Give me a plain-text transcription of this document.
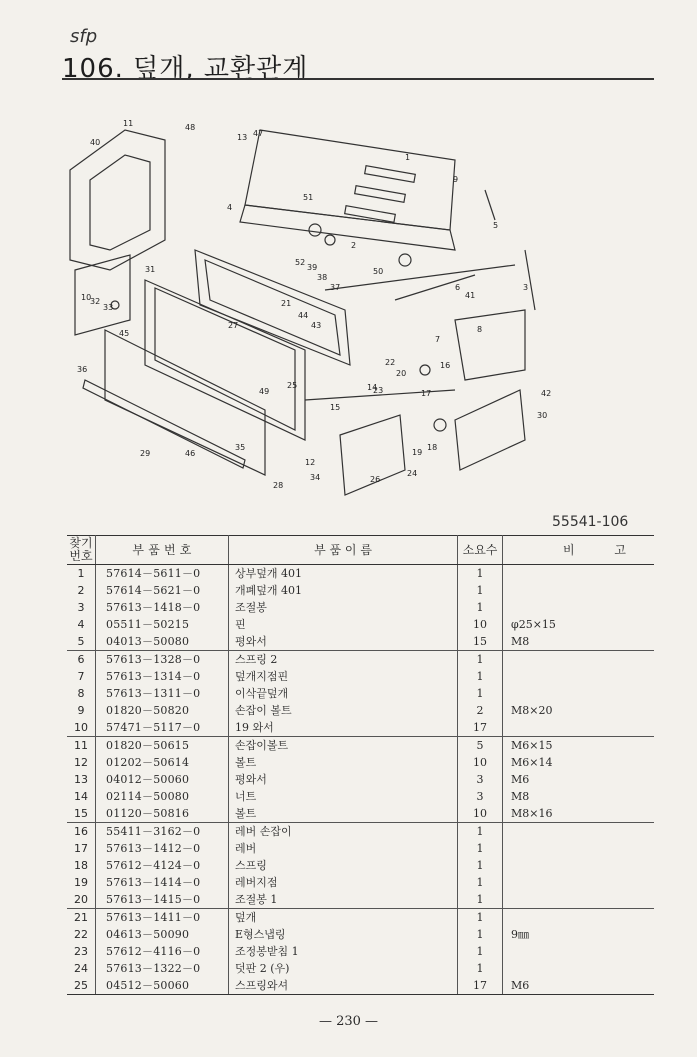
sfp
106. 덮개, 교환관계
1
2
3
4
5
6
7
8
9
10
11
12
13
14
15
16
17
18
19
20
21
22
23
24
25
26
27
28
29
30
31
32
33
34
35
36
37
38
39
40
41
42
43
44
45
46
47
48
49
50
51
52
55541-106
찾기 번호	부 품 번 호	부 품 이 름	소요수	비 고

1	57614－5611－0	상부덮개 401	1	
2	57614－5621－0	개폐덮개 401	1	
3	57613－1418－0	조절봉	1	
4	05511－50215	핀	10	φ25×15
5	04013－50080	평와서	15	M8
6	57613－1328－0	스프링 2	1	
7	57613－1314－0	덮개지점핀	1	
8	57613－1311－0	이삭끝덮개	1	
9	01820－50820	손잡이 볼트	2	M8×20
10	57471－5117－0	19 와서	17	
11	01820－50615	손잡이볼트	5	M6×15
12	01202－50614	볼트	10	M6×14
13	04012－50060	평와서	3	M6
14	02114－50080	너트	3	M8
15	01120－50816	볼트	10	M8×16
16	55411－3162－0	레버 손잡이	1	
17	57613－1412－0	레버	1	
18	57612－4124－0	스프링	1	
19	57613－1414－0	레버지점	1	
20	57613－1415－0	조절봉 1	1	
21	57613－1411－0	덮개	1	
22	04613－50090	E형스냅링	1	9㎜
23	57612－4116－0	조정봉받침 1	1	
24	57613－1322－0	덧판 2 (우)	1	
25	04512－50060	스프링와셔	17	M6
— 230 —
